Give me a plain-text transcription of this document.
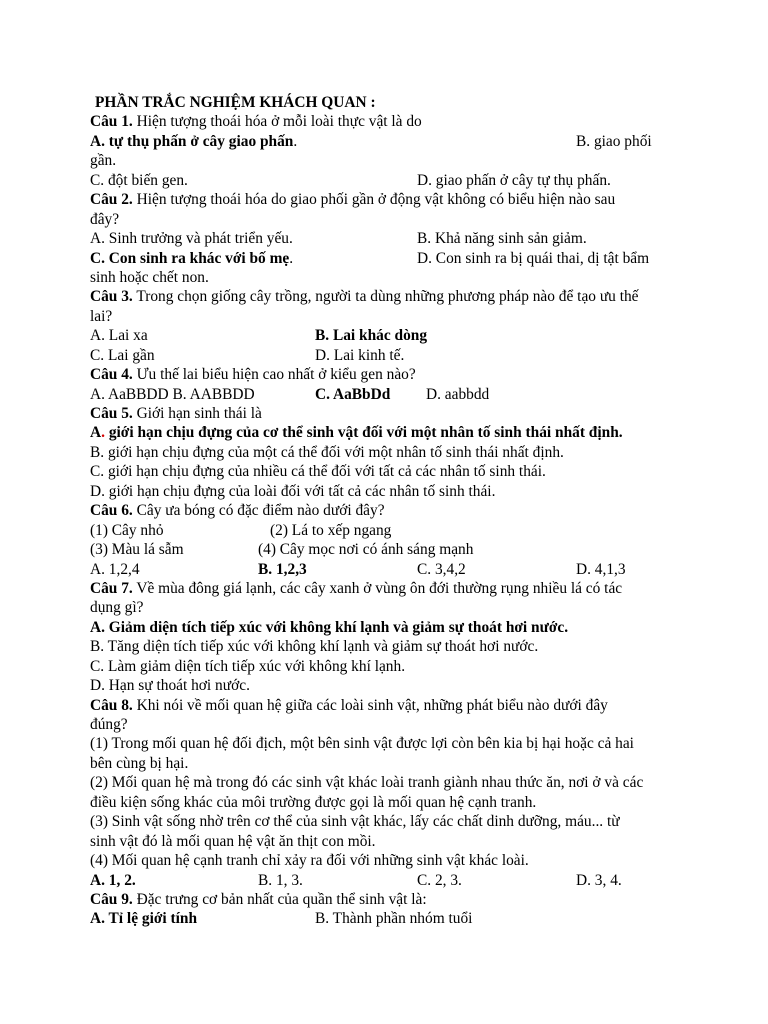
PHẦN TRẮC NGHIỆM KHÁCH QUAN :
Câu 1. Hiện tượng thoái hóa ở mỗi loài thực vật là do
A. tự thụ phấn ở cây giao phấn.	B. giao phối
gần.
C. đột biến gen.	D. giao phấn ở cây tự thụ phấn.
Câu 2. Hiện tượng thoái hóa do giao phối gần ở động vật không có biểu hiện nào sau
đây?
A. Sinh trưởng và phát triển yếu.	B. Khả năng sinh sản giảm.
C. Con sinh ra khác với bố mẹ.	D. Con sinh ra bị quái thai, dị tật bẩm
sinh hoặc chết non.
Câu 3. Trong chọn giống cây trồng, người ta dùng những phương pháp nào để tạo ưu thế
lai?
A. Lai xa	B. Lai khác dòng
C. Lai gần	D. Lai kinh tế.
Câu 4. Ưu thế lai biểu hiện cao nhất ở kiểu gen nào?
A. AaBBDD B. AABBDD	C. AaBbDd D. aabbdd
Câu 5. Giới hạn sinh thái là
A. giới hạn chịu đựng của cơ thể sinh vật đối với một nhân tố sinh thái nhất định.
B. giới hạn chịu đựng của một cá thể đối với một nhân tố sinh thái nhất định.
C. giới hạn chịu đựng của nhiều cá thể đối với tất cả các nhân tố sinh thái.
D. giới hạn chịu đựng của loài đối với tất cả các nhân tố sinh thái.
Câu 6. Cây ưa bóng có đặc điểm nào dưới đây?
(1) Cây nhỏ	(2) Lá to xếp ngang
(3) Màu lá sẫm	(4) Cây mọc nơi có ánh sáng mạnh
A. 1,2,4	B. 1,2,3	C. 3,4,2	D. 4,1,3
Câu 7. Về mùa đông giá lạnh, các cây xanh ở vùng ôn đới thường rụng nhiều lá có tác
dụng gì?
A. Giảm diện tích tiếp xúc với không khí lạnh và giảm sự thoát hơi nước.
B. Tăng diện tích tiếp xúc với không khí lạnh và giảm sự thoát hơi nước.
C. Làm giảm diện tích tiếp xúc với không khí lạnh.
D. Hạn sự thoát hơi nước.
Câu 8. Khi nói về mối quan hệ giữa các loài sinh vật, những phát biểu nào dưới đây
đúng?
(1) Trong mối quan hệ đối địch, một bên sinh vật được lợi còn bên kia bị hại hoặc cả hai
bên cùng bị hại.
(2) Mối quan hệ mà trong đó các sinh vật khác loài tranh giành nhau thức ăn, nơi ở và các
điều kiện sống khác của môi trường được gọi là mối quan hệ cạnh tranh.
(3) Sinh vật sống nhờ trên cơ thể của sinh vật khác, lấy các chất dinh dưỡng, máu... từ
sinh vật đó là mối quan hệ vật ăn thịt con mồi.
(4) Mối quan hệ cạnh tranh chỉ xảy ra đối với những sinh vật khác loài.
A. 1, 2.	B. 1, 3.	C. 2, 3.	D. 3, 4.
Câu 9. Đặc trưng cơ bản nhất của quần thể sinh vật là:
A. Tỉ lệ giới tính	B. Thành phần nhóm tuổi
